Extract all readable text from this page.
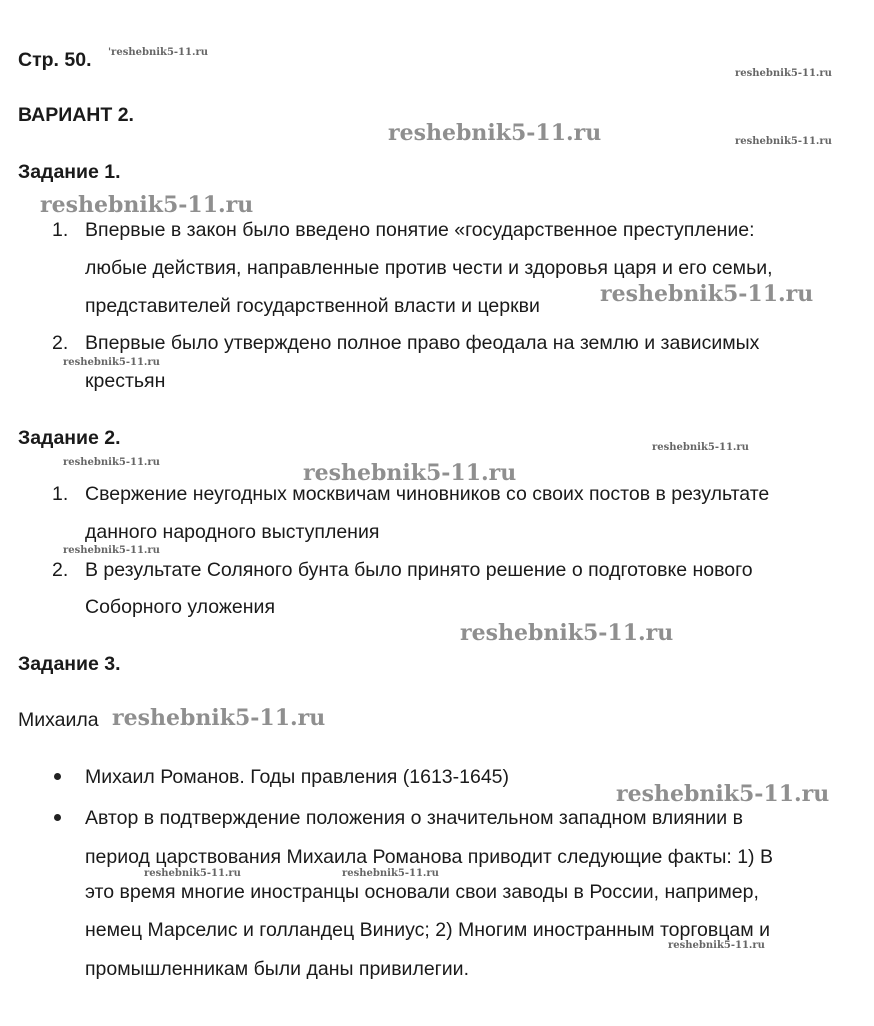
Стр. 50.
ВАРИАНТ 2.
Задание 1.
1. Впервые в закон было введено понятие «государственное преступление:
любые действия, направленные против чести и здоровья царя и его семьи,
представителей государственной власти и церкви
2. Впервые было утверждено полное право феодала на землю и зависимых
крестьян
Задание 2.
1. Свержение неугодных москвичам чиновников со своих постов в результате
данного народного выступления
2. В результате Соляного бунта было принято решение о подготовке нового
Соборного уложения
Задание 3.
Михаила
Михаил Романов. Годы правления (1613-1645)
Автор в подтверждение положения о значительном западном влиянии в
период царствования Михаила Романова приводит следующие факты: 1) В
это время многие иностранцы основали свои заводы в России, например,
немец Марселис и голландец Виниус; 2) Многим иностранным торговцам и
промышленникам были даны привилегии.
'reshebnik5-11.ru
reshebnik5-11.ru
reshebnik5-11.ru	reshebnik5-11.ru
reshebnik5-11.ru
reshebnik5-11.ru
reshebnik5-11.ru
reshebnik5-11.ru
reshebnik5-11.ru	reshebnik5-11.ru
reshebnik5-11.ru
reshebnik5-11.ru
reshebnik5-11.ru
reshebnik5-11.ru
reshebnik5-11.ru	reshebnik5-11.ru
reshebnik5-11.ru
